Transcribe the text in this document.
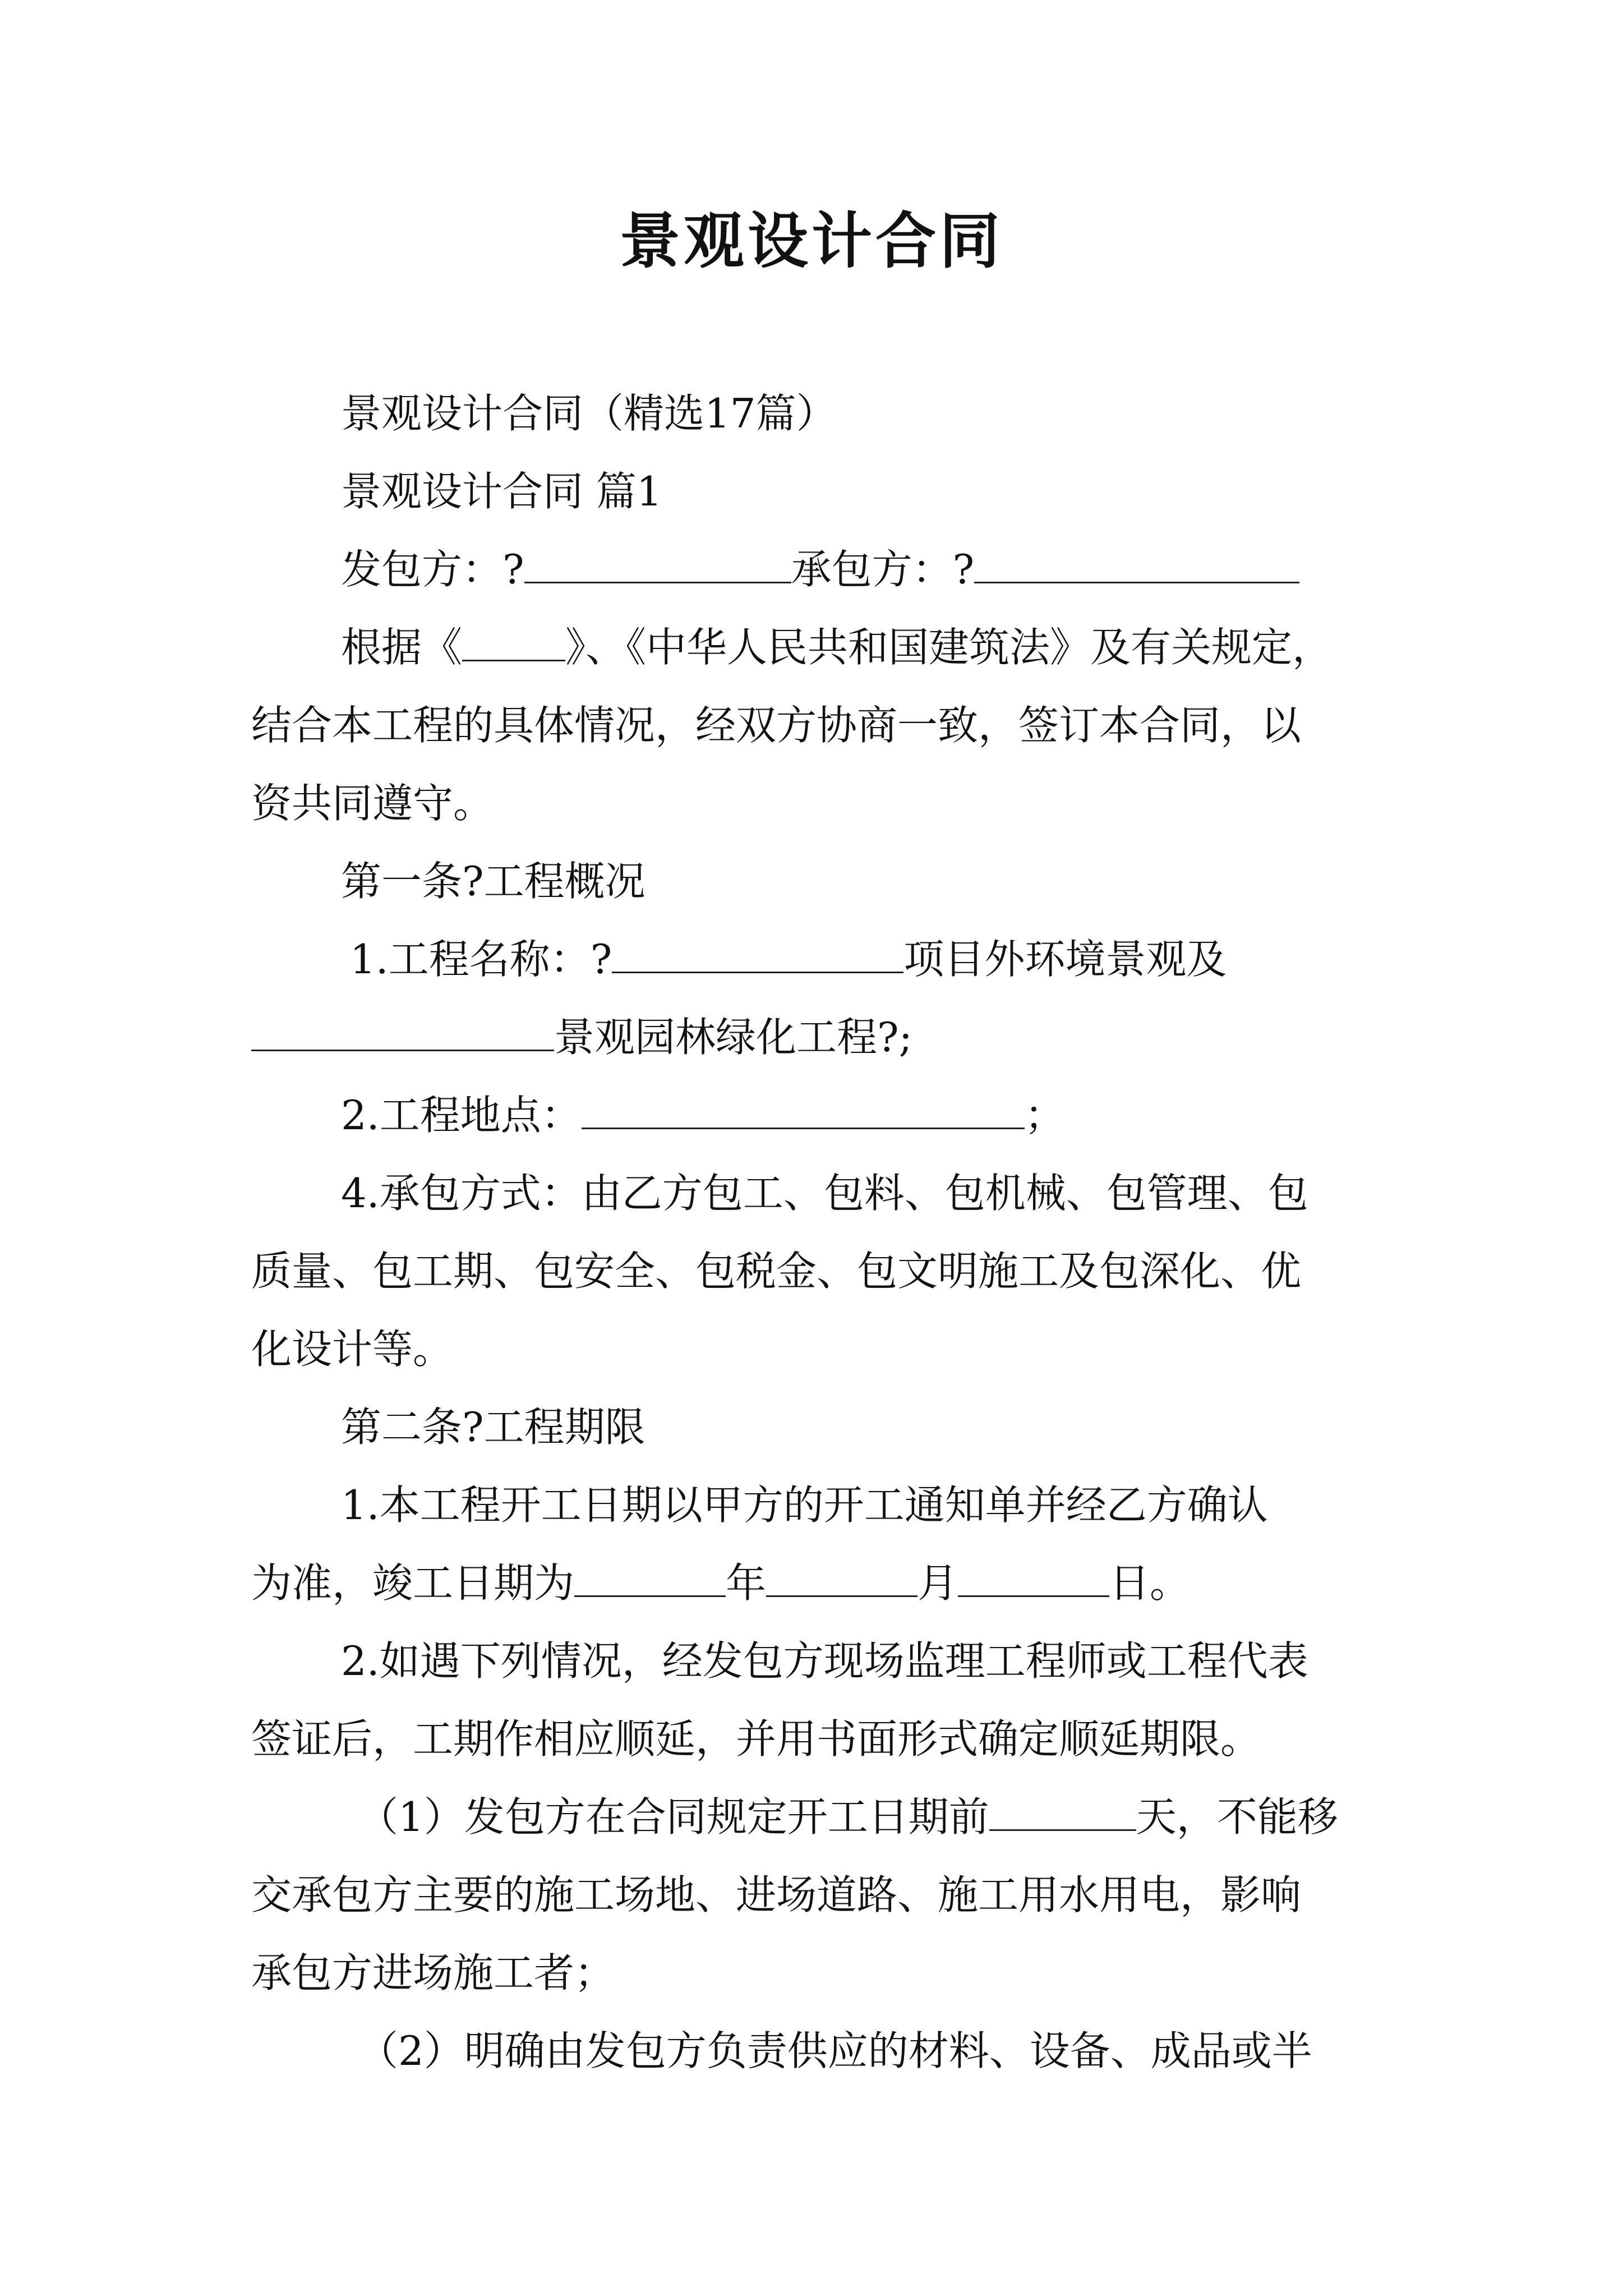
景观设计合同

景观设计合同（精选17篇）

景观设计合同 篇1

发包方：?	承包方：?

根据《	》、《中华人民共和国建筑法》及有关规定，

结合本工程的具体情况，经双方协商一致，签订本合同，以

资共同遵守。

第一条?工程概况

1.工程名称：?	项目外环境景观及

景观园林绿化工程?;

2.工程地点：	；

4.承包方式：由乙方包工、包料、包机械、包管理、包

质量、包工期、包安全、包税金、包文明施工及包深化、优

化设计等。

第二条?工程期限

1.本工程开工日期以甲方的开工通知单并经乙方确认

为准，竣工日期为	年	月	日。

2.如遇下列情况，经发包方现场监理工程师或工程代表

签证后，工期作相应顺延，并用书面形式确定顺延期限。

（1）发包方在合同规定开工日期前	天，不能移

交承包方主要的施工场地、进场道路、施工用水用电，影响

承包方进场施工者；

（2）明确由发包方负责供应的材料、设备、成品或半
